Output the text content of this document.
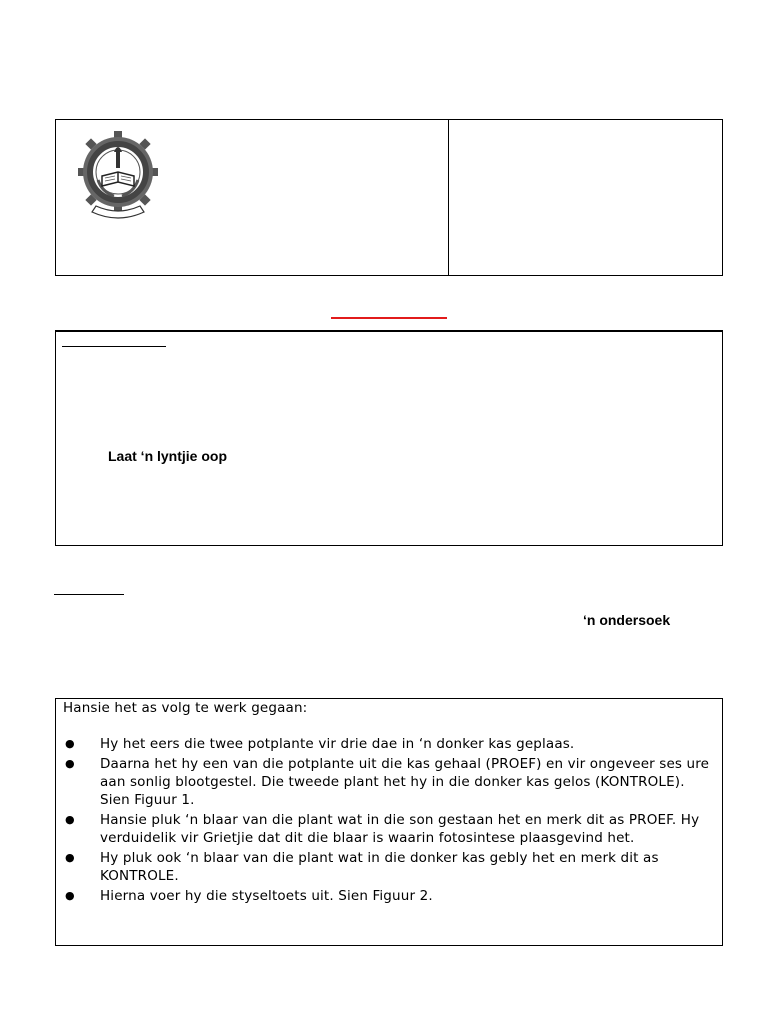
Laat ‘n lyntjie oop
‘n ondersoek

Hansie het as volg te werk gegaan:

● Hy het eers die twee potplante vir drie dae in ‘n donker kas geplaas.
● Daarna het hy een van die potplante uit die kas gehaal (PROEF) en vir ongeveer ses ure aan sonlig blootgestel. Die tweede plant het hy in die donker kas gelos (KONTROLE). Sien Figuur 1.
● Hansie pluk ‘n blaar van die plant wat in die son gestaan het en merk dit as PROEF. Hy verduidelik vir Grietjie dat dit die blaar is waarin fotosintese plaasgevind het.
● Hy pluk ook ‘n blaar van die plant wat in die donker kas gebly het en merk dit as KONTROLE.
● Hierna voer hy die styseltoets uit. Sien Figuur 2.
